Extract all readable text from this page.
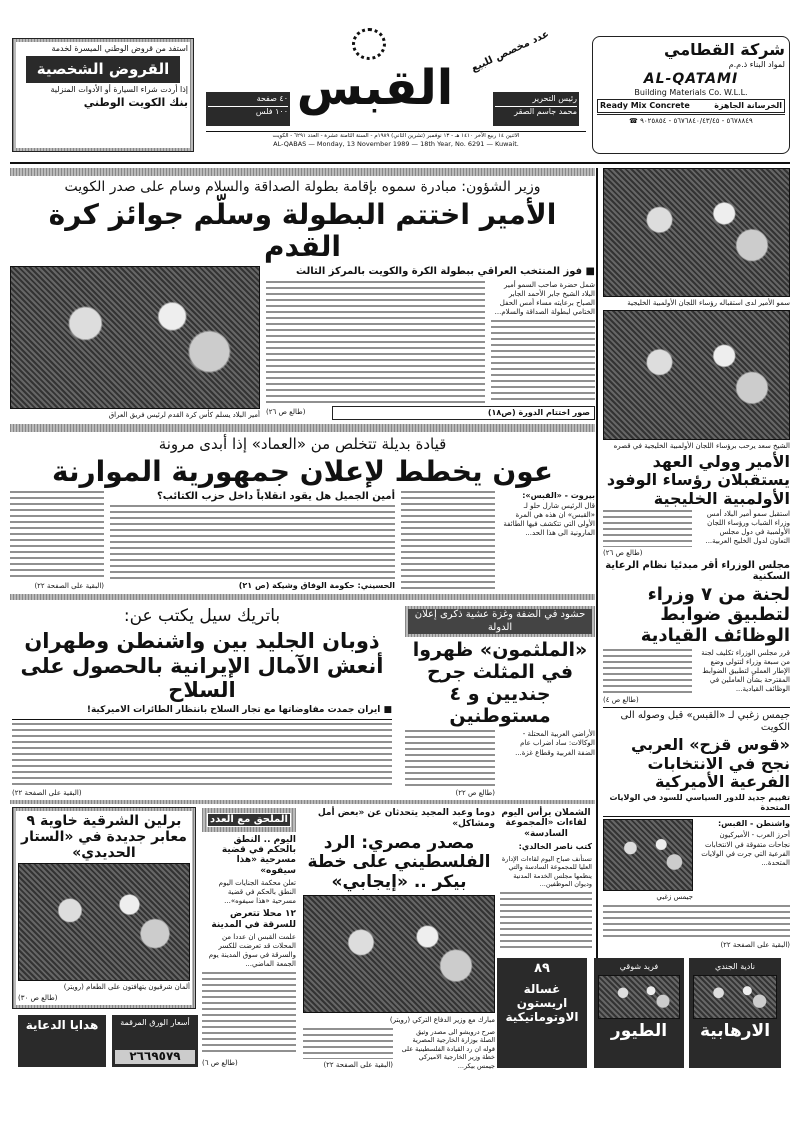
شركة القطامي
لمواد البناء ذ.م.م
AL-QATAMI
Building Materials Co. W.L.L.
Ready Mix Concrete	الخرسانة الجاهزة
☎ ٥٦٧٨٨٤٩ - ٥٦٧٦٨٤٠/٤٣/٤٥ - ٩٠٢٥٨٥٤
عدد مخصص للبيع
القبس	رئيس التحرير
محمد جاسم الصقر
٤٠ صفحة
١٠٠ فلس
الاثنين ١٤ ربيع الآخر ١٤١٠ هـ - ١٣ نوفمبر (تشرين الثاني) ١٩٨٩م - السنة الثامنة عشرة - العدد ٦٢٩١ - الكويت
AL-QABAS — Monday, 13 November 1989 — 18th Year, No. 6291 — Kuwait.
استفد من قروض الوطني الميسرة لخدمة
القروض الشخصية
إذا أردت شراء السيارة أو الأدوات المنزلية
بنك الكويت الوطني
وزير الشؤون: مبادرة سموه بإقامة بطولة الصداقة والسلام وسام على صدر الكويت
الأمير اختتم البطولة وسلّم جوائز كرة القدم
أمير البلاد يسلم كأس كرة القدم لرئيس فريق العراق
■ فوز المنتخب العراقي ببطولة الكرة والكويت بالمركز الثالث
شمل حضرة صاحب السمو أمير البلاد الشيخ جابر الأحمد الجابر الصباح برعايته مساء أمس الحفل الختامي لبطولة الصداقة والسلام...
(طالع ص ٢٦)	صور اختتام الدورة (ص١٨)
سمو الأمير لدى استقباله رؤساء اللجان الأولمبية الخليجية
الشيخ سعد يرحب برؤساء اللجان الأولمبية الخليجية في قصره
الأمير وولي العهد يستقبلان رؤساء الوفود الأولمبية الخليجية
استقبل سمو أمير البلاد أمس وزراء الشباب ورؤساء اللجان الأولمبية في دول مجلس التعاون لدول الخليج العربية...
(طالع ص ٢٦)
مجلس الوزراء أقر مبدئيا نظام الرعاية السكنية
لجنة من ٧ وزراء لتطبيق ضوابط الوظائف القيادية
قرر مجلس الوزراء تكليف لجنة من سبعة وزراء لتتولى وضع الإطار العملي لتطبيق الضوابط المقترحة بشأن العاملين في الوظائف القيادية...
(طالع ص ٤)
جيمس زغبي لـ «القبس» قبل وصوله الى الكويت
«قوس قزح» العربي نجح في الانتخابات الفرعية الأميركية
تقييم جديد للدور السياسي للسود في الولايات المتحدة
جيمس زغبي
واشنطن - القبس:
أحرز العرب - الأميركيون نجاحات متفوقة في الانتخابات الفرعية التي جرت في الولايات المتحدة...
(البقية على الصفحة ٢٢)
قيادة بديلة تتخلص من «العماد» إذا أبدى مرونة
عون يخطط لإعلان جمهورية الموارنة
(البقية على الصفحة ٢٢)
أمين الجميل هل يقود انقلاباً داخل حزب الكتائب؟
الحسيني: حكومة الوفاق وشيكة (ص ٢١)
بيروت - «القبس»:
قال الرئيس شارل حلو لـ «القبس» ان هذه هي المرة الأولى التي تتكشف فيها الطائفة المارونية الى هذا الحد...
حشود في الضفة وغزة عشية ذكرى إعلان الدولة
«الملثمون» ظهروا في المثلث جرح جنديين و ٤ مستوطنين
(طالع ص ٢٢)
الأراضي العربية المحتلة - الوكالات: ساد اضراب عام الضفة الغربية وقطاع غزة...
باتريك سيل يكتب عن:
ذوبان الجليد بين واشنطن وطهران أنعش الآمال الإيرانية بالحصول على السلاح
■ ايران جمدت مفاوضاتها مع تجار السلاح بانتظار الطائرات الاميركية!
(البقية على الصفحة ٢٢)
برلين الشرقية خاوية ٩ معابر جديدة في «الستار الحديدي»
ألمان شرقيون يتهافتون على الطعام (رويتر)
(طالع ص ٣٠)
الملحق مع العدد
اليوم .. النطق بالحكم في قضية مسرحية «هذا سيفوه»
تعلن محكمة الجنايات اليوم النطق بالحكم في قضية مسرحية «هذا سيفوه»...
١٢ محلا تتعرض للسرقة في المدينة
علمت القبس ان عددا من المحلات قد تعرضت للكسر والسرقة في سوق المدينة يوم الجمعة الماضي...
(طالع ص ٦)
دوما وعبد المجيد يتحدثان عن «بعض أمل ومشاكل»
مصدر مصري: الرد الفلسطيني على خطة بيكر .. «إيجابي»
مبارك مع وزير الدفاع التركي (رويتر)
(البقية على الصفحة ٢٢)
صرح درويشو الى مصدر وثيق الصلة بوزارة الخارجية المصرية قوله ان رد القيادة الفلسطينية على خطة وزير الخارجية الاميركي جيمس بيكر...
الشملان يرأس اليوم لقاءات «المجموعة السادسة»
كتب ناصر الخالدي:
تستأنف صباح اليوم لقاءات الإدارة العليا للمجموعة السادسة والتي ينظمها مجلس الخدمة المدنية وديوان الموظفين...
هدايا الدعاية	أسعار الورق المرقمة
٢٦٦٩٥٧٩
٨٩
غسالة اريستون الاوتوماتيكية
فريد شوقي
الطيور
نادية الجندي
الارهابية
